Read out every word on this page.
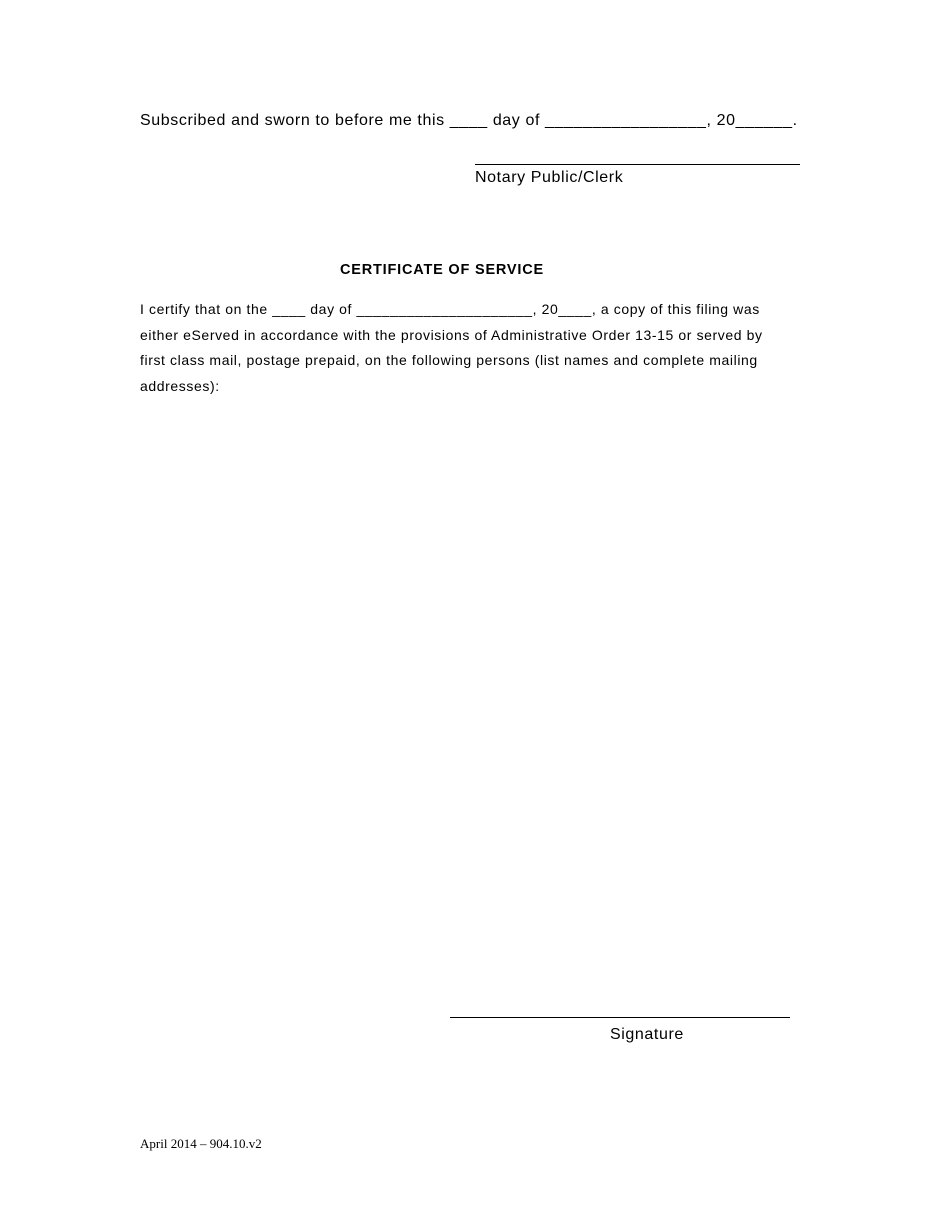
Subscribed and sworn to before me this ____ day of _________________, 20______.
Notary Public/Clerk
CERTIFICATE OF SERVICE

I certify that on the ____ day of _____________________, 20____, a copy of this filing was

either eServed in accordance with the provisions of Administrative Order 13-15 or served by

first class mail, postage prepaid, on the following persons (list names and complete mailing

addresses):

Signature
April 2014 – 904.10.v2
